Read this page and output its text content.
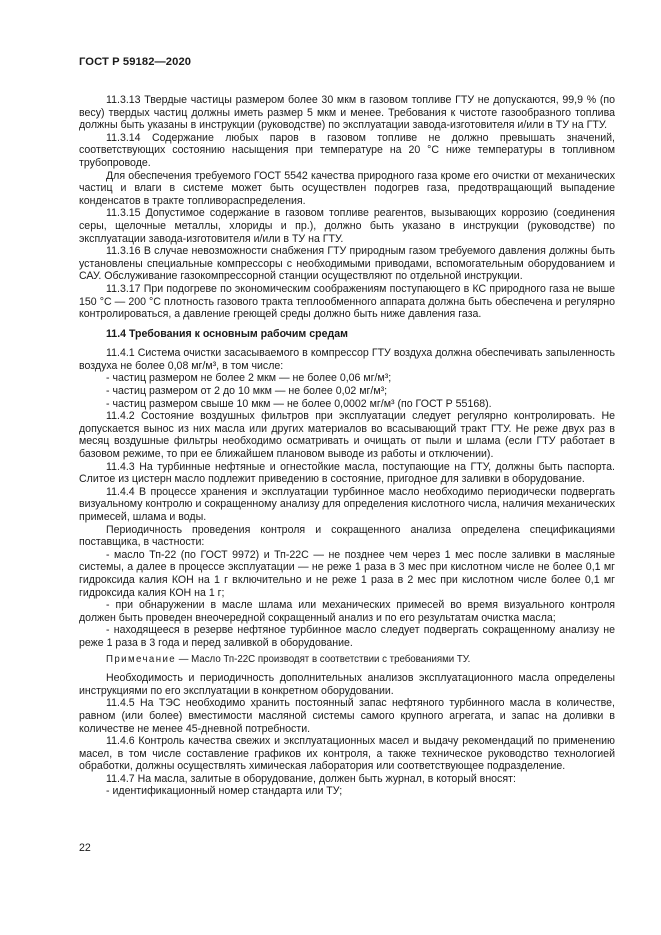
ГОСТ Р 59182—2020

11.3.13 Твердые частицы размером более 30 мкм в газовом топливе ГТУ не допускаются, 99,9 % (по весу) твердых частиц должны иметь размер 5 мкм и менее. Требования к чистоте газообразного топлива должны быть указаны в инструкции (руководстве) по эксплуатации завода-изготовителя и/или в ТУ на ГТУ.

11.3.14 Содержание любых паров в газовом топливе не должно превышать значений, соответствующих состоянию насыщения при температуре на 20 °С ниже температуры в топливном трубопроводе.

Для обеспечения требуемого ГОСТ 5542 качества природного газа кроме его очистки от механических частиц и влаги в системе может быть осуществлен подогрев газа, предотвращающий выпадение конденсатов в тракте топливораспределения.

11.3.15 Допустимое содержание в газовом топливе реагентов, вызывающих коррозию (соединения серы, щелочные металлы, хлориды и пр.), должно быть указано в инструкции (руководстве) по эксплуатации завода-изготовителя и/или в ТУ на ГТУ.

11.3.16 В случае невозможности снабжения ГТУ природным газом требуемого давления должны быть установлены специальные компрессоры с необходимыми приводами, вспомогательным оборудованием и САУ. Обслуживание газокомпрессорной станции осуществляют по отдельной инструкции.

11.3.17 При подогреве по экономическим соображениям поступающего в КС природного газа не выше 150 °С — 200 °С плотность газового тракта теплообменного аппарата должна быть обеспечена и регулярно контролироваться, а давление греющей среды должно быть ниже давления газа.

11.4 Требования к основным рабочим средам

11.4.1 Система очистки засасываемого в компрессор ГТУ воздуха должна обеспечивать запыленность воздуха не более 0,08 мг/м³, в том числе:

- частиц размером не более 2 мкм — не более 0,06 мг/м³;

- частиц размером от 2 до 10 мкм — не более 0,02 мг/м³;

- частиц размером свыше 10 мкм — не более 0,0002 мг/м³ (по ГОСТ Р 55168).

11.4.2 Состояние воздушных фильтров при эксплуатации следует регулярно контролировать. Не допускается вынос из них масла или других материалов во всасывающий тракт ГТУ. Не реже двух раз в месяц воздушные фильтры необходимо осматривать и очищать от пыли и шлама (если ГТУ работает в базовом режиме, то при ее ближайшем плановом выводе из работы и отключении).

11.4.3 На турбинные нефтяные и огнестойкие масла, поступающие на ГТУ, должны быть паспорта. Слитое из цистерн масло подлежит приведению в состояние, пригодное для заливки в оборудование.

11.4.4 В процессе хранения и эксплуатации турбинное масло необходимо периодически подвергать визуальному контролю и сокращенному анализу для определения кислотного числа, наличия механических примесей, шлама и воды.

Периодичность проведения контроля и сокращенного анализа определена спецификациями поставщика, в частности:

- масло Тп-22 (по ГОСТ 9972) и Тп-22С — не позднее чем через 1 мес после заливки в масляные системы, а далее в процессе эксплуатации — не реже 1 раза в 3 мес при кислотном числе не более 0,1 мг гидроксида калия КОН на 1 г включительно и не реже 1 раза в 2 мес при кислотном числе более 0,1 мг гидроксида калия КОН на 1 г;

- при обнаружении в масле шлама или механических примесей во время визуального контроля должен быть проведен внеочередной сокращенный анализ и по его результатам очистка масла;

- находящееся в резерве нефтяное турбинное масло следует подвергать сокращенному анализу не реже 1 раза в 3 года и перед заливкой в оборудование.

Примечание — Масло Тп-22С производят в соответствии с требованиями ТУ.

Необходимость и периодичность дополнительных анализов эксплуатационного масла определены инструкциями по его эксплуатации в конкретном оборудовании.

11.4.5 На ТЭС необходимо хранить постоянный запас нефтяного турбинного масла в количестве, равном (или более) вместимости масляной системы самого крупного агрегата, и запас на доливки в количестве не менее 45-дневной потребности.

11.4.6 Контроль качества свежих и эксплуатационных масел и выдачу рекомендаций по применению масел, в том числе составление графиков их контроля, а также техническое руководство технологией обработки, должны осуществлять химическая лаборатория или соответствующее подразделение.

11.4.7 На масла, залитые в оборудование, должен быть журнал, в который вносят:

- идентификационный номер стандарта или ТУ;

22
